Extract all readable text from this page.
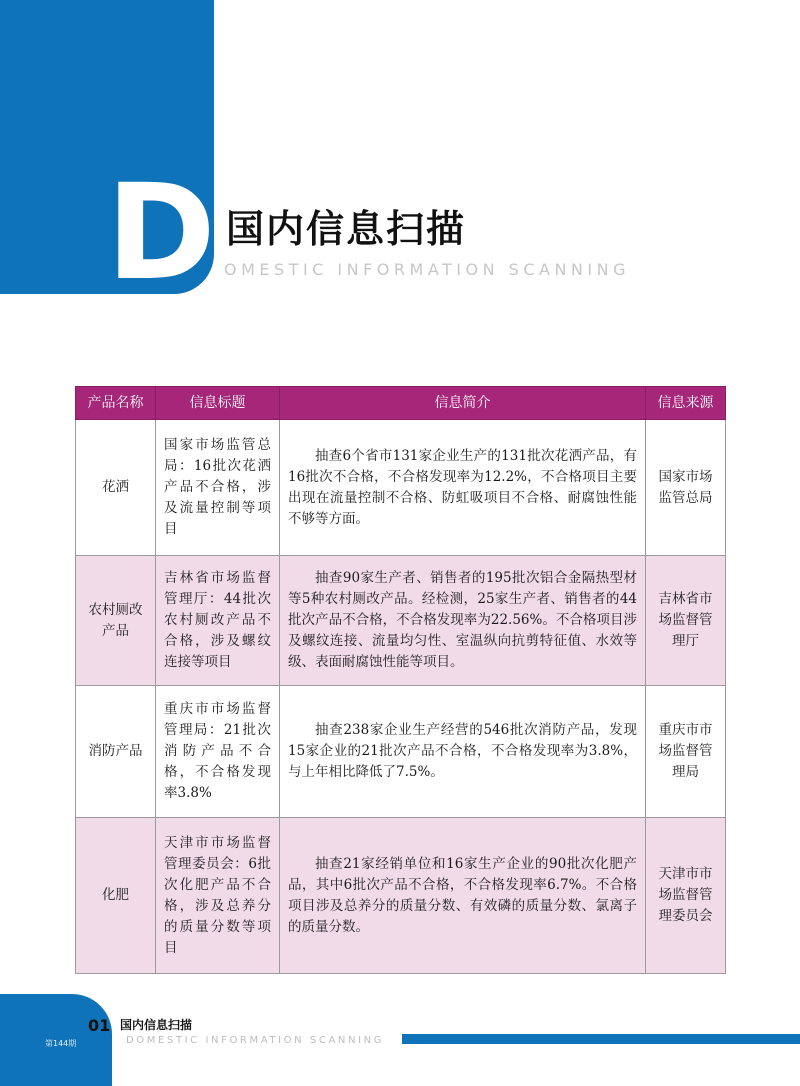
D 国内信息扫描
OMESTIC INFORMATION SCANNING
产品名称	信息标题	信息简介	信息来源
花洒	国家市场监管总局：16批次花洒产品不合格，涉及流量控制等项目	抽查6个省市131家企业生产的131批次花洒产品，有16批次不合格，不合格发现率为12.2%，不合格项目主要出现在流量控制不合格、防虹吸项目不合格、耐腐蚀性能不够等方面。	国家市场监管总局
农村厕改产品	吉林省市场监督管理厅：44批次农村厕改产品不合格，涉及螺纹连接等项目	抽查90家生产者、销售者的195批次铝合金隔热型材等5种农村厕改产品。经检测，25家生产者、销售者的44批次产品不合格，不合格发现率为22.56%。不合格项目涉及螺纹连接、流量均匀性、室温纵向抗剪特征值、水效等级、表面耐腐蚀性能等项目。	吉林省市场监督管理厅
消防产品	重庆市市场监督管理局：21批次消防产品不合格，不合格发现率3.8%	抽查238家企业生产经营的546批次消防产品，发现15家企业的21批次产品不合格，不合格发现率为3.8%，与上年相比降低了7.5%。	重庆市市场监督管理局
化肥	天津市市场监督管理委员会：6批次化肥产品不合格，涉及总养分的质量分数等项目	抽查21家经销单位和16家生产企业的90批次化肥产品，其中6批次产品不合格，不合格发现率6.7%。不合格项目涉及总养分的质量分数、有效磷的质量分数、氯离子的质量分数。	天津市市场监督管理委员会
01
第144期
国内信息扫描
DOMESTIC INFORMATION SCANNING
